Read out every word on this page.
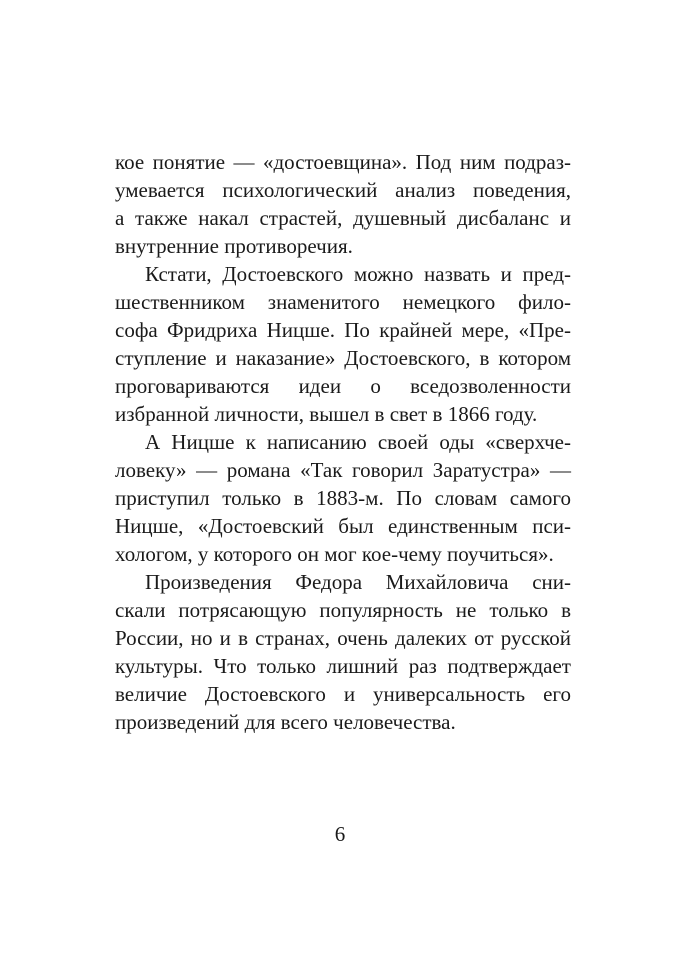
кое понятие — «достоевщина». Под ним подраз-
умевается психологический анализ поведения,
а также накал страстей, душевный дисбаланс и
внутренние противоречия.
Кстати, Достоевского можно назвать и пред-
шественником знаменитого немецкого фило-
софа Фридриха Ницше. По крайней мере, «Пре-
ступление и наказание» Достоевского, в котором
проговариваются идеи о вседозволенности
избранной личности, вышел в свет в 1866 году.
А Ницше к написанию своей оды «сверхче-
ловеку» — романа «Так говорил Заратустра» —
приступил только в 1883-м. По словам самого
Ницше, «Достоевский был единственным пси-
хологом, у которого он мог кое-чему поучиться».
Произведения Федора Михайловича сни-
скали потрясающую популярность не только в
России, но и в странах, очень далеких от русской
культуры. Что только лишний раз подтверждает
величие Достоевского и универсальность его
произведений для всего человечества.
6
